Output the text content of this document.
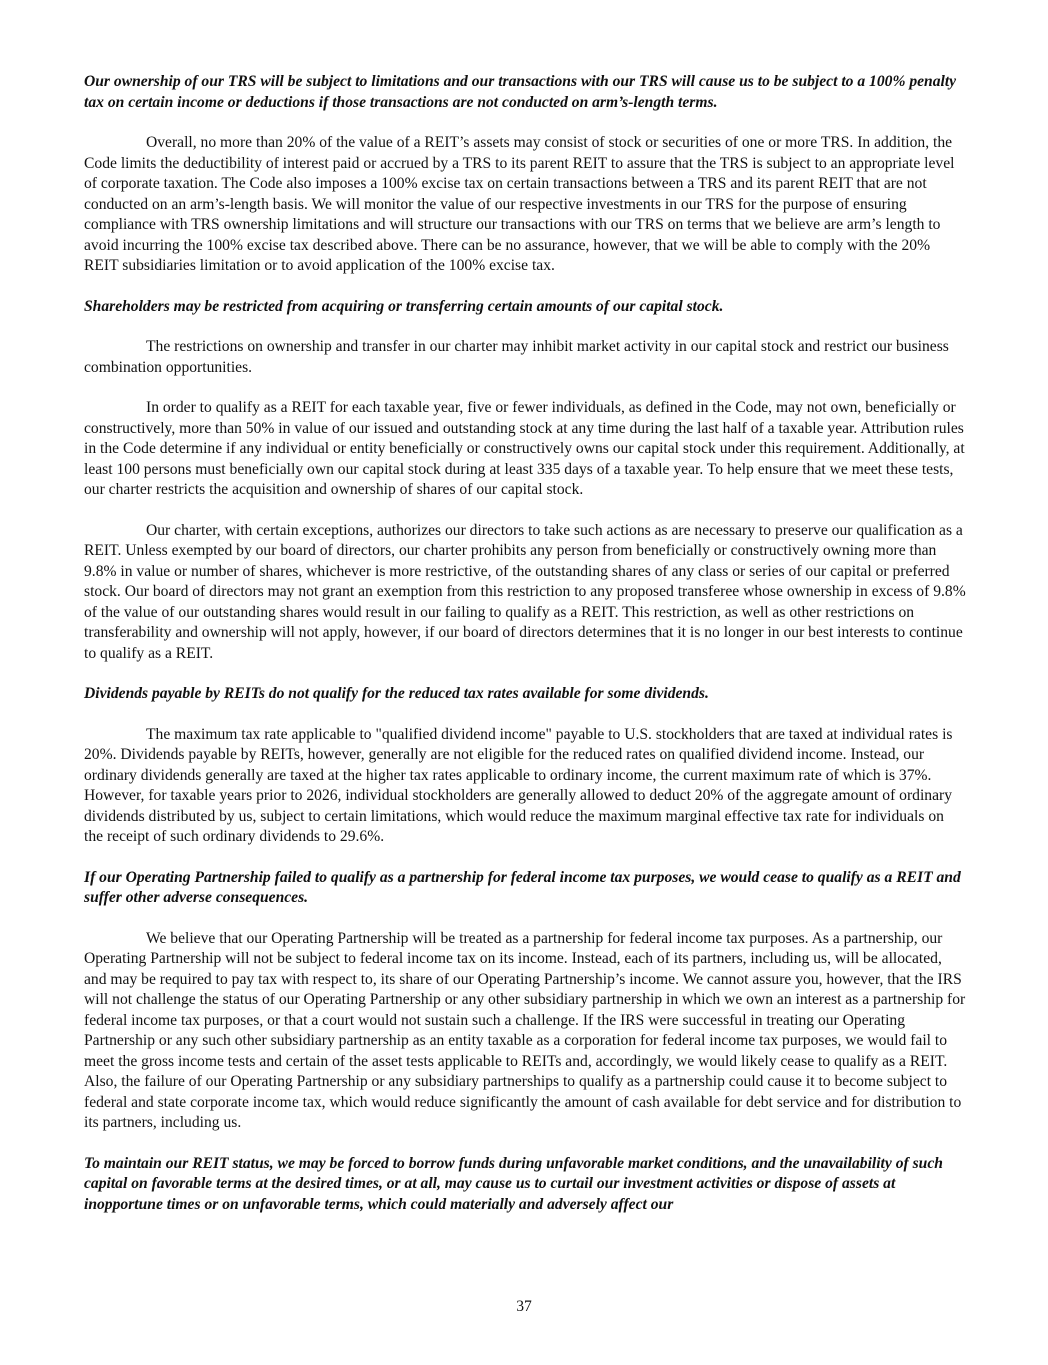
Our ownership of our TRS will be subject to limitations and our transactions with our TRS will cause us to be subject to a 100% penalty tax on certain income or deductions if those transactions are not conducted on arm’s-length terms.

Overall, no more than 20% of the value of a REIT’s assets may consist of stock or securities of one or more TRS. In addition, the Code limits the deductibility of interest paid or accrued by a TRS to its parent REIT to assure that the TRS is subject to an appropriate level of corporate taxation. The Code also imposes a 100% excise tax on certain transactions between a TRS and its parent REIT that are not conducted on an arm’s-length basis. We will monitor the value of our respective investments in our TRS for the purpose of ensuring compliance with TRS ownership limitations and will structure our transactions with our TRS on terms that we believe are arm’s length to avoid incurring the 100% excise tax described above. There can be no assurance, however, that we will be able to comply with the 20% REIT subsidiaries limitation or to avoid application of the 100% excise tax.

Shareholders may be restricted from acquiring or transferring certain amounts of our capital stock.

The restrictions on ownership and transfer in our charter may inhibit market activity in our capital stock and restrict our business combination opportunities.

In order to qualify as a REIT for each taxable year, five or fewer individuals, as defined in the Code, may not own, beneficially or constructively, more than 50% in value of our issued and outstanding stock at any time during the last half of a taxable year. Attribution rules in the Code determine if any individual or entity beneficially or constructively owns our capital stock under this requirement. Additionally, at least 100 persons must beneficially own our capital stock during at least 335 days of a taxable year. To help ensure that we meet these tests, our charter restricts the acquisition and ownership of shares of our capital stock.

Our charter, with certain exceptions, authorizes our directors to take such actions as are necessary to preserve our qualification as a REIT. Unless exempted by our board of directors, our charter prohibits any person from beneficially or constructively owning more than 9.8% in value or number of shares, whichever is more restrictive, of the outstanding shares of any class or series of our capital or preferred stock. Our board of directors may not grant an exemption from this restriction to any proposed transferee whose ownership in excess of 9.8% of the value of our outstanding shares would result in our failing to qualify as a REIT. This restriction, as well as other restrictions on transferability and ownership will not apply, however, if our board of directors determines that it is no longer in our best interests to continue to qualify as a REIT.

Dividends payable by REITs do not qualify for the reduced tax rates available for some dividends.

The maximum tax rate applicable to "qualified dividend income" payable to U.S. stockholders that are taxed at individual rates is 20%. Dividends payable by REITs, however, generally are not eligible for the reduced rates on qualified dividend income. Instead, our ordinary dividends generally are taxed at the higher tax rates applicable to ordinary income, the current maximum rate of which is 37%. However, for taxable years prior to 2026, individual stockholders are generally allowed to deduct 20% of the aggregate amount of ordinary dividends distributed by us, subject to certain limitations, which would reduce the maximum marginal effective tax rate for individuals on the receipt of such ordinary dividends to 29.6%.

If our Operating Partnership failed to qualify as a partnership for federal income tax purposes, we would cease to qualify as a REIT and suffer other adverse consequences.

We believe that our Operating Partnership will be treated as a partnership for federal income tax purposes. As a partnership, our Operating Partnership will not be subject to federal income tax on its income. Instead, each of its partners, including us, will be allocated, and may be required to pay tax with respect to, its share of our Operating Partnership’s income. We cannot assure you, however, that the IRS will not challenge the status of our Operating Partnership or any other subsidiary partnership in which we own an interest as a partnership for federal income tax purposes, or that a court would not sustain such a challenge. If the IRS were successful in treating our Operating Partnership or any such other subsidiary partnership as an entity taxable as a corporation for federal income tax purposes, we would fail to meet the gross income tests and certain of the asset tests applicable to REITs and, accordingly, we would likely cease to qualify as a REIT. Also, the failure of our Operating Partnership or any subsidiary partnerships to qualify as a partnership could cause it to become subject to federal and state corporate income tax, which would reduce significantly the amount of cash available for debt service and for distribution to its partners, including us.

To maintain our REIT status, we may be forced to borrow funds during unfavorable market conditions, and the unavailability of such capital on favorable terms at the desired times, or at all, may cause us to curtail our investment activities or dispose of assets at inopportune times or on unfavorable terms, which could materially and adversely affect our

37
